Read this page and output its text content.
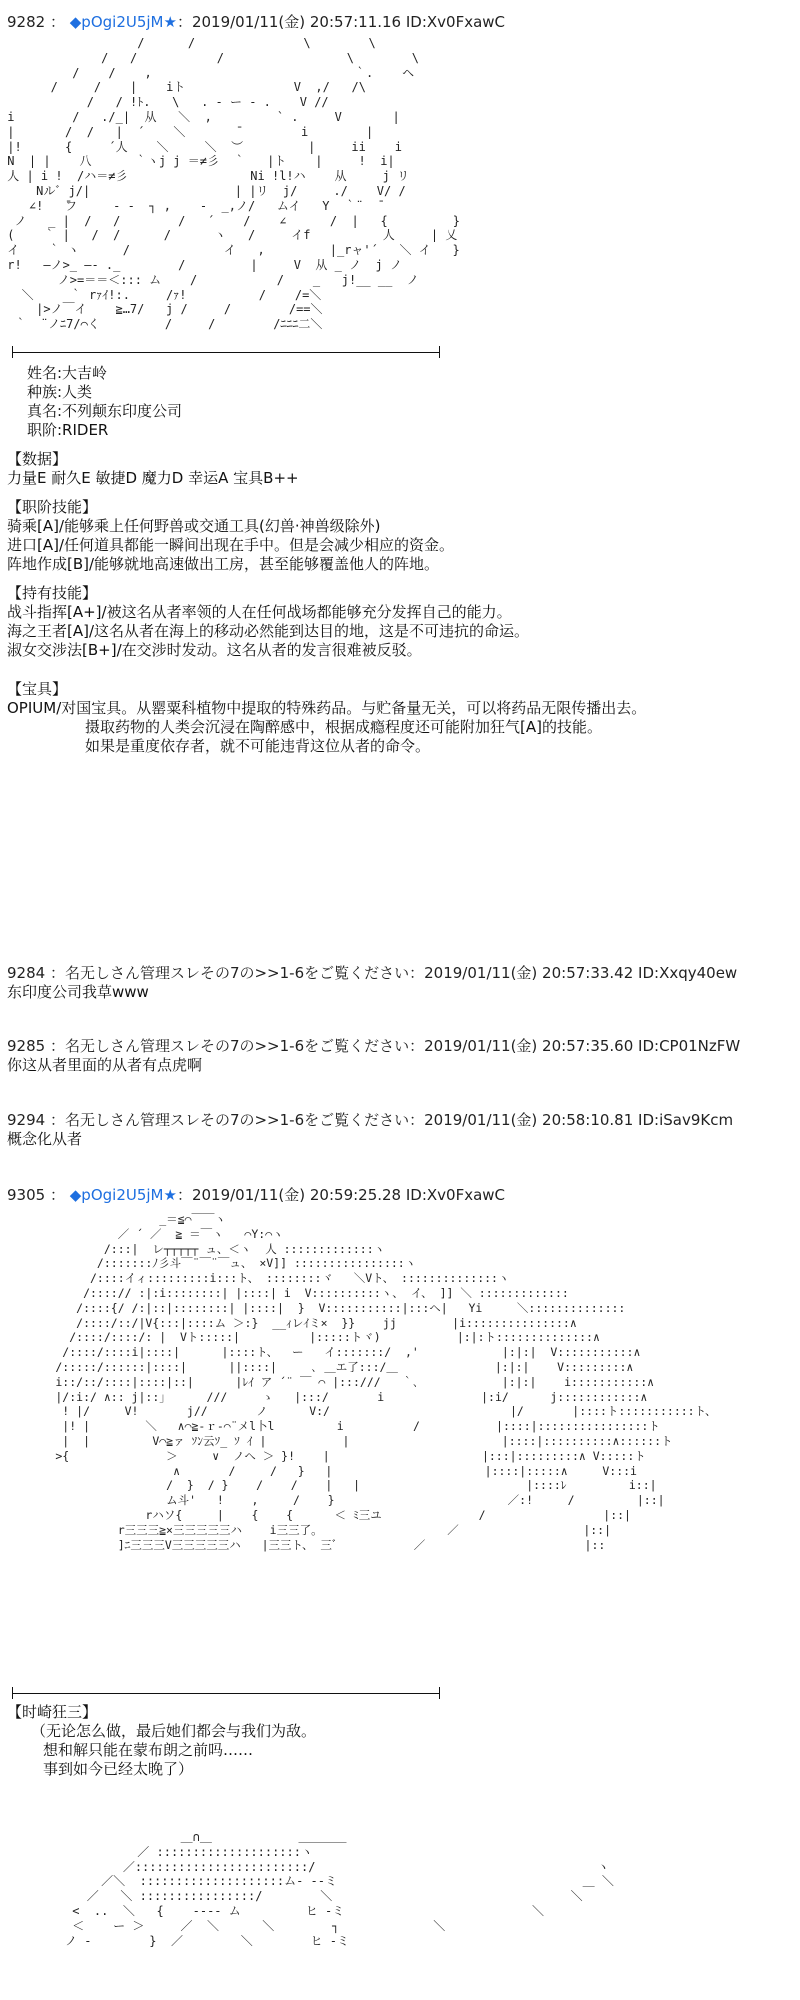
9282 ： ◆pOgi2U5jM★：2019/01/11(金) 20:57:11.16 ID:Xv0FxawC
/      /               \        \
/   /           /                 \        \
/    /    ,                            ｀.    ヘ
/     /    |    iト               V  ,/   /\
/   / !ﾄ.   \   . - ー ‐ .    V //
i        /   ./_|  从   ＼  ,         ` .     V       |
|       /  /   |  ´    ＼       ̄         i        |
|!      {     ´人    ＼     ＼  ︶         |     ii    i
N  | |    八      ｀ヽj j ＝≠彡  ｀   |ト    |     !  i|
人 | i !  /ハ＝≠彡                 Ni !l!ハ    从     j リ
Nルﾞ j/|                    | |リ  j/     ./    V/ /
∠!   ̄フ     ‐ ‐  ┐ ,    -  _,ノ/   ムイ   Y  ｀¨  ̄
ノ   _ |  /   /        /   ´    /    ∠      /  |   {         }
(    ｀ |   /  /      /      ヽ   /     イf          人     | 乂
イ    ｀ ヽ      /             イ   ,         |_rャ'´   ＼ イ   }
r!   ―ノ>_ ―‐ ._        /         |     V  从 _ ノ  j ノ
ノ>=＝＝＜::: ム    /           /    _   j!__ __  ノ
＼     ｀ rｧｲ!:.     /ｧ!          /    /=＼
|>ノ￣イ    ≧…7/   j /     /        /==＼
｀  ¨ノﾆ7/⌒く         /     /        /ﾆﾆﾆ二＼
姓名:大吉岭
种族:人类
真名:不列颠东印度公司
职阶:RIDER
【数据】
力量E 耐久E 敏捷D 魔力D 幸运A 宝具B++
【职阶技能】
骑乘[A]/能够乘上任何野兽或交通工具(幻兽·神兽级除外)
进口[A]/任何道具都能一瞬间出现在手中。但是会减少相应的资金。
阵地作成[B]/能够就地高速做出工房，甚至能够覆盖他人的阵地。
【持有技能】
战斗指挥[A+]/被这名从者率领的人在任何战场都能够充分发挥自己的能力。
海之王者[A]/这名从者在海上的移动必然能到达目的地，这是不可违抗的命运。
淑女交涉法[B+]/在交涉时发动。这名从者的发言很难被反驳。
【宝具】
OPIUM/对国宝具。从罂粟科植物中提取的特殊药品。与贮备量无关，可以将药品无限传播出去。
摄取药物的人类会沉浸在陶醉感中，根据成瘾程度还可能附加狂气[A]的技能。
如果是重度依存者，就不可能违背这位从者的命令。
9284 ：名无しさん管理スレその7の>>1-6をご覧ください：2019/01/11(金) 20:57:33.42 ID:Xxqy40ew
东印度公司我草www
9285 ：名无しさん管理スレその7の>>1-6をご覧ください：2019/01/11(金) 20:57:35.60 ID:CP01NzFW
你这从者里面的从者有点虎啊
9294 ：名无しさん管理スレその7の>>1-6をご覧ください：2019/01/11(金) 20:58:10.81 ID:iSav9Kcm
概念化从者
9305 ： ◆pOgi2U5jM★：2019/01/11(金) 20:59:25.28 ID:Xv0FxawC
_＝≦⌒￣￣ヽ
／ ´ ／  ≧ ＝￣ヽ   ⌒Y:⌒ヽ
/:::|  レ┬┬┬┬┬ ュ、＜ヽ  人 :::::::::::::ヽ
/:::::::ﾉ彡斗￣¨￣¨￣ュ、 ×V]] ::::::::::::::::ヽ
/::::イィ:::::::::i:::ト、 ::::::::ヾ   ＼Vト、 ::::::::::::::ヽ
/::::// :|:i::::::::| |::::| i  V::::::::::ヽ、 イ、 ]] ＼ :::::::::::::
/::::{/ /:|::|::::::::| |::::|  }  V:::::::::::|:::ヘ|   Yi     ＼::::::::::::::
/::::/::/|V{:::|::::ム ＞:}  __ｨレｲミ×  }}    jj        |i:::::::::::::::∧
/::::/::::/: |  Vト:::::|          |:::::トヾ)           |:|:ト::::::::::::::∧
/::::/::::i|::::|      |::::ト、  ー   イ:::::::/  ,'            |:|:|  V:::::::::::∧
/:::::/::::::|::::|      ||::::|     ､ ＿エ了:::/＿              |:|:|    V:::::::::∧
i::/::/::::|::::|::|      |ﾚｲ ア ´¨ ￣ ⌒ |:::///   ｀､            |:|:|    i:::::::::::∧
|/:i:/ ∧:: j|::｣      ///     ゝ   |:::/       i              |:i/      j::::::::::::∧
! |/     V!       j//       ノ      V:/                          |/       |::::ト:::::::::::ト、
|! |        ＼   ∧⌒≧-ｒ‐⌒¨メl卜l         i          /           |::::|::::::::::::::::ト
|  |         V⌒≧ァ ｿﾝ云ｿ_ ｿ ｲ |           |                      |::::|::::::::::∧::::::ト
>{              ＞     ∨  ノへ ＞ }!    |                      |:::|:::::::::∧ V:::::ト
∧       /     /   }   |                      |::::|:::::∧     V:::i
/  }  / }    /    /    |   |                        |::::ﾚ         i::|
ム斗'   !    ,     /    }                         ／:!     /         |::|
rハソ{     |    {    {      ＜ ﾐ三ユ              /                 |::|
r三三三≧×三三三三三ハ    i三三了。                  ／                  |::|
]ﾆ三三三V三三三三三ハ   |三三ト、 三ﾞ           ／                       |::
【时崎狂三】
（无论怎么做，最后她们都会与我们为敌。
想和解只能在蒙布朗之前吗……
事到如今已经太晚了）
＿∩＿            ＿＿＿＿
／ ::::::::::::::::::::ヽ
／::::::::::::::::::::::::/                                       ヽ
／＼  ::::::::::::::::::::ム‐ -‐ミ                                  ＿ ＼
／   ＼ ::::::::::::::::/        ＼                                 ＼
<  ..  ＼   {    ‐‐‐‐ ム         ヒ ‐ミ                          ＼
＜    ー ＞     ／  ＼      ＼        ┐             ＼
ノ -        }  ／        ＼        ヒ ‐ミ
